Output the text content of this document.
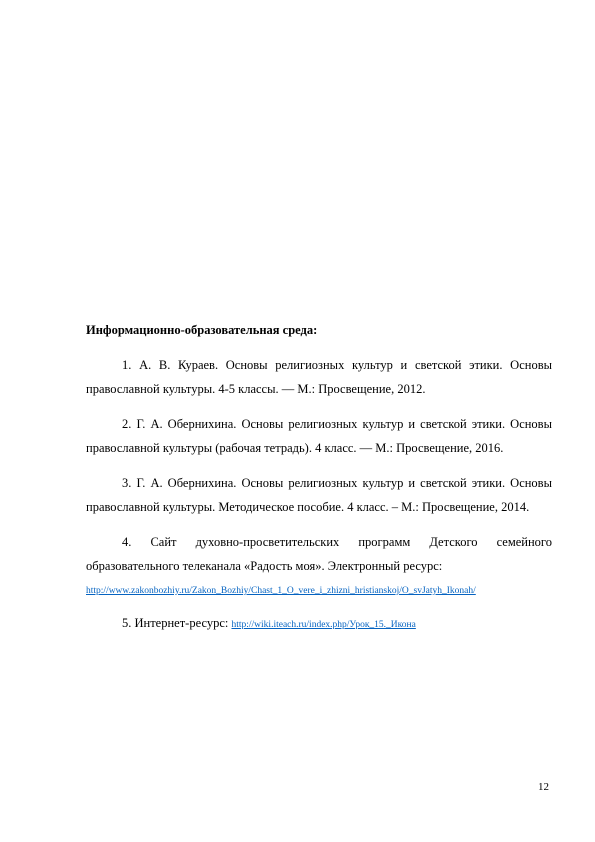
Информационно-образовательная среда:

1. А. В. Кураев. Основы религиозных культур и светской этики. Основы православной культуры. 4-5 классы. — М.: Просвещение, 2012.

2. Г. А. Обернихина. Основы религиозных культур и светской этики. Основы православной культуры (рабочая тетрадь). 4 класс. — М.: Просвещение, 2016.

3. Г. А. Обернихина. Основы религиозных культур и светской этики. Основы православной культуры. Методическое пособие. 4 класс. – М.: Просвещение, 2014.

4. Сайт духовно-просветительских программ Детского семейного образовательного телеканала «Радость моя». Электронный ресурс:
http://www.zakonbozhiy.ru/Zakon_Bozhiy/Chast_1_O_vere_i_zhizni_hristianskoj/O_svJatyh_Ikonah/

5. Интернет-ресурс: http://wiki.iteach.ru/index.php/Урок_15._Икона

12
